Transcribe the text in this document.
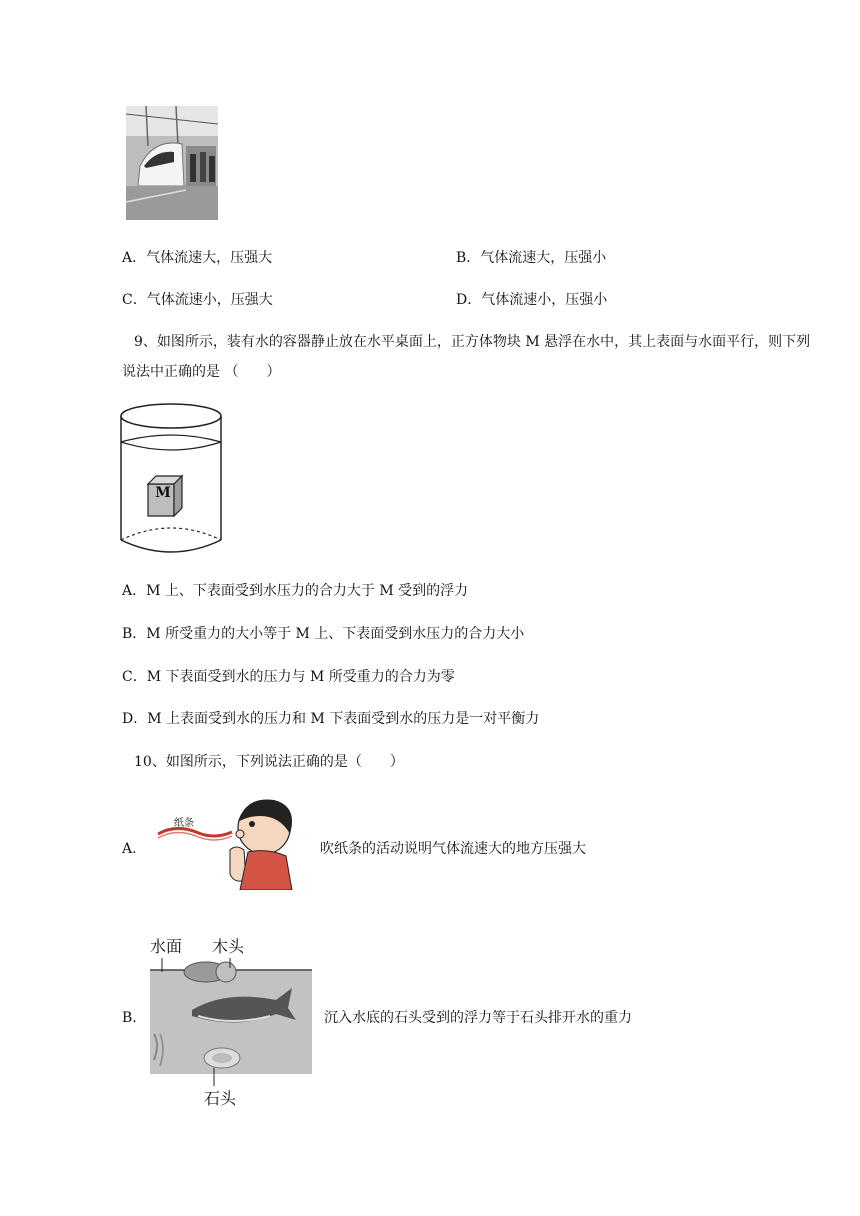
A．气体流速大，压强大	B．气体流速大，压强小
C．气体流速小，压强大	D．气体流速小，压强小
9、如图所示，装有水的容器静止放在水平桌面上，正方体物块 M 悬浮在水中，其上表面与水面平行，则下列说法中正确的是 （　　）
M
A．M 上、下表面受到水压力的合力大于 M 受到的浮力
B．M 所受重力的大小等于 M 上、下表面受到水压力的合力大小
C．M 下表面受到水的压力与 M 所受重力的合力为零
D．M 上表面受到水的压力和 M 下表面受到水的压力是一对平衡力
10、如图所示，下列说法正确的是（　　）
A.
纸条
吹纸条的活动说明气体流速大的地方压强大
B.
水面 木头
石头
沉入水底的石头受到的浮力等于石头排开水的重力
